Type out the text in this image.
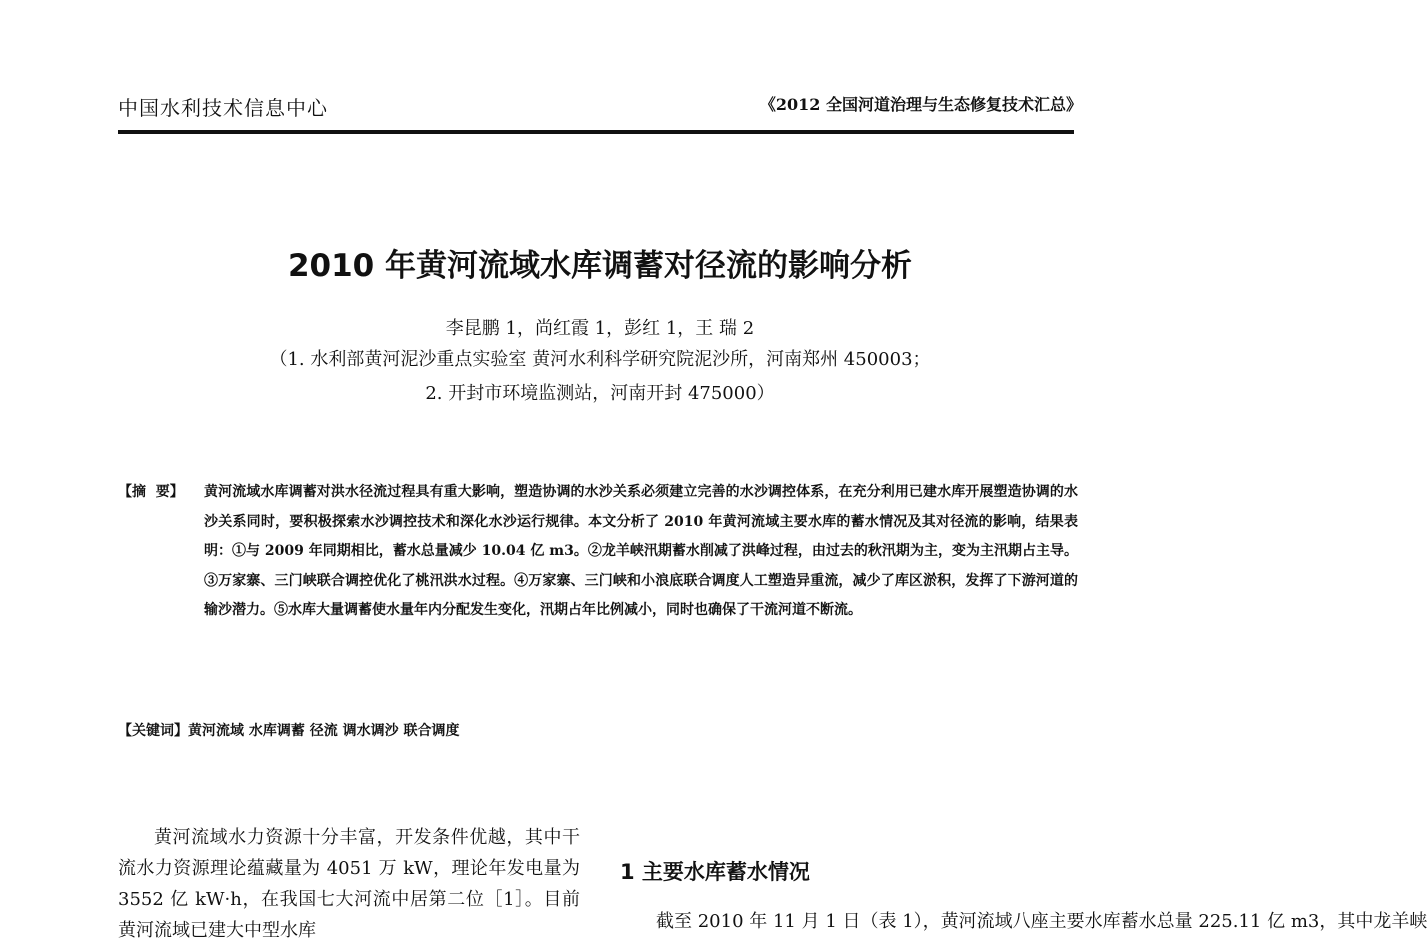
中国水利技术信息中心	《2012 全国河道治理与生态修复技术汇总》
2010 年黄河流域水库调蓄对径流的影响分析
李昆鹏 1，尚红霞 1，彭红 1，王 瑞 2
（1. 水利部黄河泥沙重点实验室 黄河水利科学研究院泥沙所，河南郑州 450003；
2. 开封市环境监测站，河南开封 475000）
【摘  要】	黄河流域水库调蓄对洪水径流过程具有重大影响，塑造协调的水沙关系必须建立完善的水沙调控体系，在充分利用已建水库开展塑造协调的水沙关系同时，要积极探索水沙调控技术和深化水沙运行规律。本文分析了 2010 年黄河流域主要水库的蓄水情况及其对径流的影响，结果表明：①与 2009 年同期相比，蓄水总量减少 10.04 亿 m3。②龙羊峡汛期蓄水削减了洪峰过程，由过去的秋汛期为主，变为主汛期占主导。③万家寨、三门峡联合调控优化了桃汛洪水过程。④万家寨、三门峡和小浪底联合调度人工塑造异重流，减少了库区淤积，发挥了下游河道的输沙潜力。⑤水库大量调蓄使水量年内分配发生变化，汛期占年比例减小，同时也确保了干流河道不断流。
【关键词】黄河流域 水库调蓄 径流 调水调沙 联合调度

黄河流域水力资源十分丰富，开发条件优越，其中干流水力资源理论蕴藏量为 4051 万 kW，理论年发电量为 3552 亿 kW·h，在我国七大河流中居第二位［1］。目前黄河流域已建大中型水库

1 主要水库蓄水情况
截至 2010 年 11 月 1 日（表 1），黄河流域八座主要水库蓄水总量 225.11 亿 m3，其中龙羊峡
